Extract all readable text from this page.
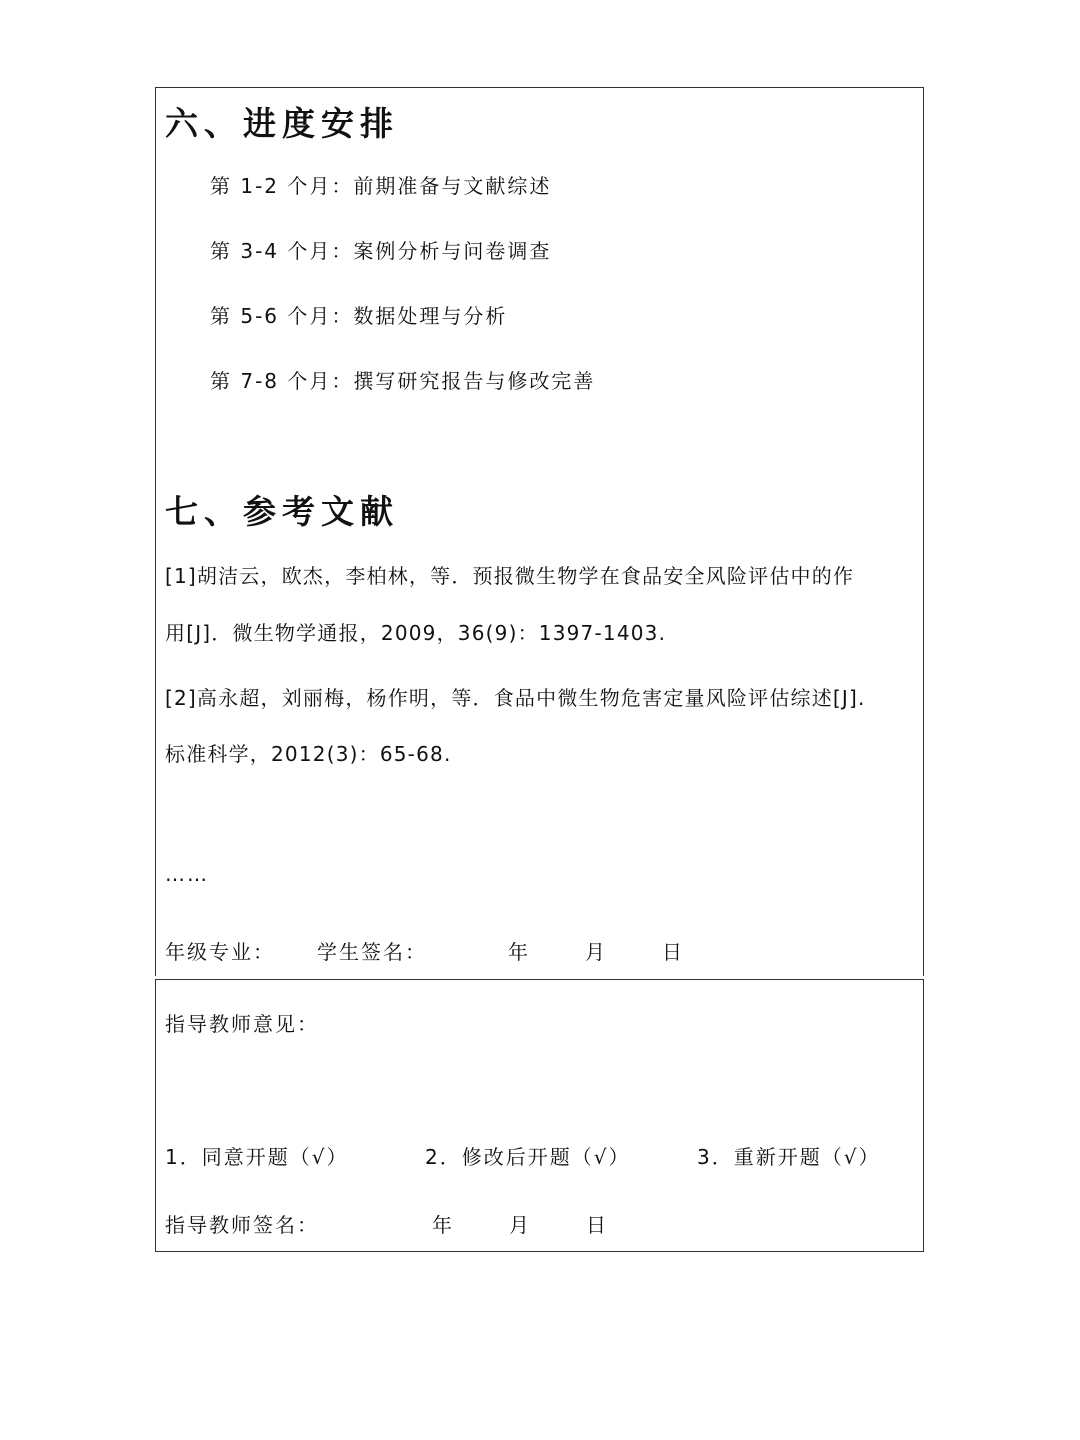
六、进度安排
第 1-2 个月：前期准备与文献综述
第 3-4 个月：案例分析与问卷调查
第 5-6 个月：数据处理与分析
第 7-8 个月：撰写研究报告与修改完善
七、参考文献
[1]胡洁云，欧杰，李柏林，等．预报微生物学在食品安全风险评估中的作
用[J]．微生物学通报，2009，36(9)：1397-1403.
[2]高永超，刘丽梅，杨作明，等．食品中微生物危害定量风险评估综述[J].
标准科学，2012(3)：65-68.
……
年级专业： 学生签名：	年	月	日
指导教师意见：
1．同意开题（√）	2．修改后开题（√）	3．重新开题（√）
指导教师签名：	年	月	日
